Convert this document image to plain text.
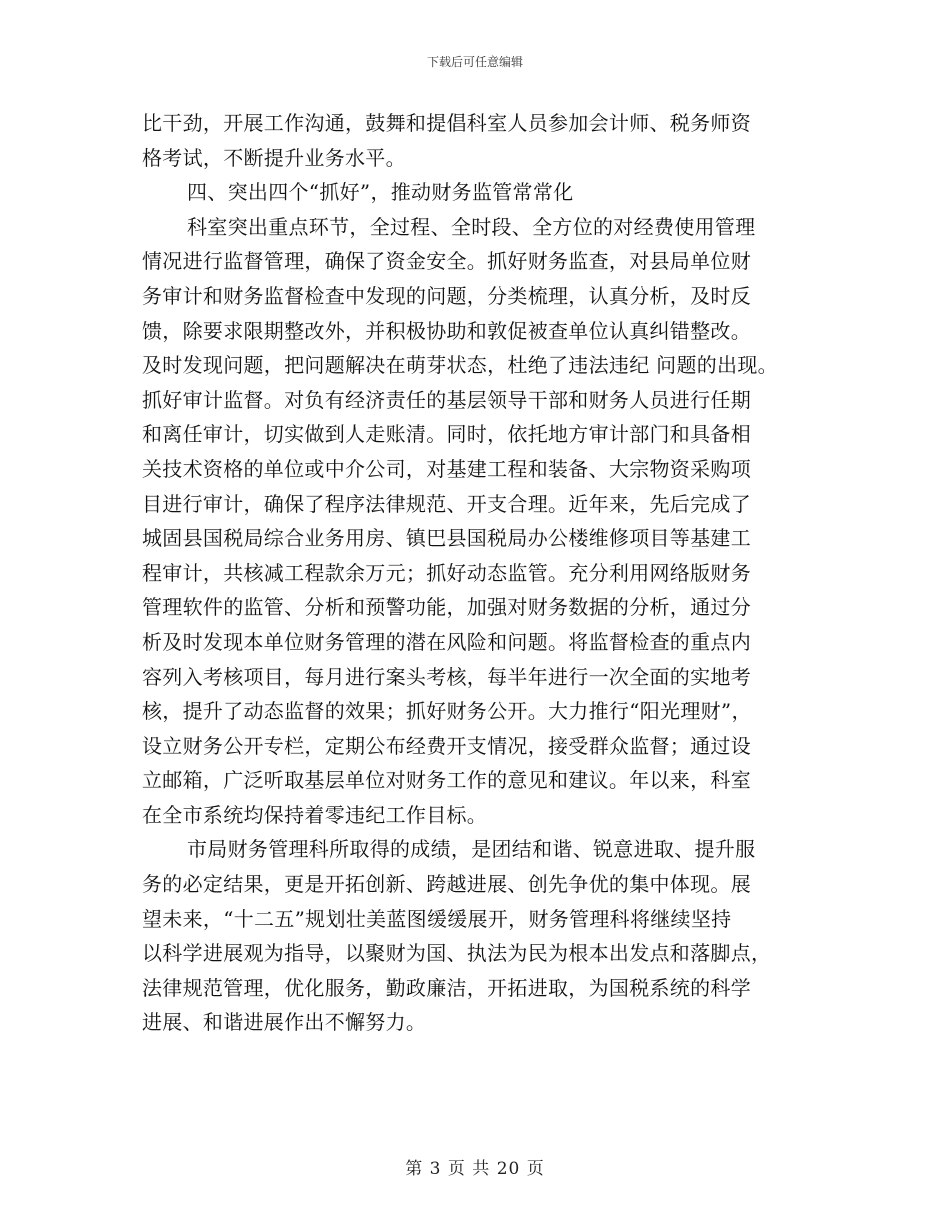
下载后可任意编辑
比干劲，开展工作沟通，鼓舞和提倡科室人员参加会计师、税务师资
格考试，不断提升业务水平。
四、突出四个“抓好”，推动财务监管常常化
科室突出重点环节，全过程、全时段、全方位的对经费使用管理
情况进行监督管理，确保了资金安全。抓好财务监查，对县局单位财
务审计和财务监督检查中发现的问题，分类梳理，认真分析，及时反
馈，除要求限期整改外，并积极协助和敦促被查单位认真纠错整改。
及时发现问题，把问题解决在萌芽状态，杜绝了违法违纪 问题的出现。
抓好审计监督。对负有经济责任的基层领导干部和财务人员进行任期
和离任审计，切实做到人走账清。同时，依托地方审计部门和具备相
关技术资格的单位或中介公司，对基建工程和装备、大宗物资采购项
目进行审计，确保了程序法律规范、开支合理。近年来，先后完成了
城固县国税局综合业务用房、镇巴县国税局办公楼维修项目等基建工
程审计，共核减工程款余万元；抓好动态监管。充分利用网络版财务
管理软件的监管、分析和预警功能，加强对财务数据的分析，通过分
析及时发现本单位财务管理的潜在风险和问题。将监督检查的重点内
容列入考核项目，每月进行案头考核，每半年进行一次全面的实地考
核，提升了动态监督的效果；抓好财务公开。大力推行“阳光理财”，
设立财务公开专栏，定期公布经费开支情况，接受群众监督；通过设
立邮箱，广泛听取基层单位对财务工作的意见和建议。年以来，科室
在全市系统均保持着零违纪工作目标。
市局财务管理科所取得的成绩，是团结和谐、锐意进取、提升服
务的必定结果，更是开拓创新、跨越进展、创先争优的集中体现。展
望未来，“十二五”规划壮美蓝图缓缓展开，财务管理科将继续坚持
以科学进展观为指导，以聚财为国、执法为民为根本出发点和落脚点，
法律规范管理，优化服务，勤政廉洁，开拓进取，为国税系统的科学
进展、和谐进展作出不懈努力。
第 3 页 共 20 页
